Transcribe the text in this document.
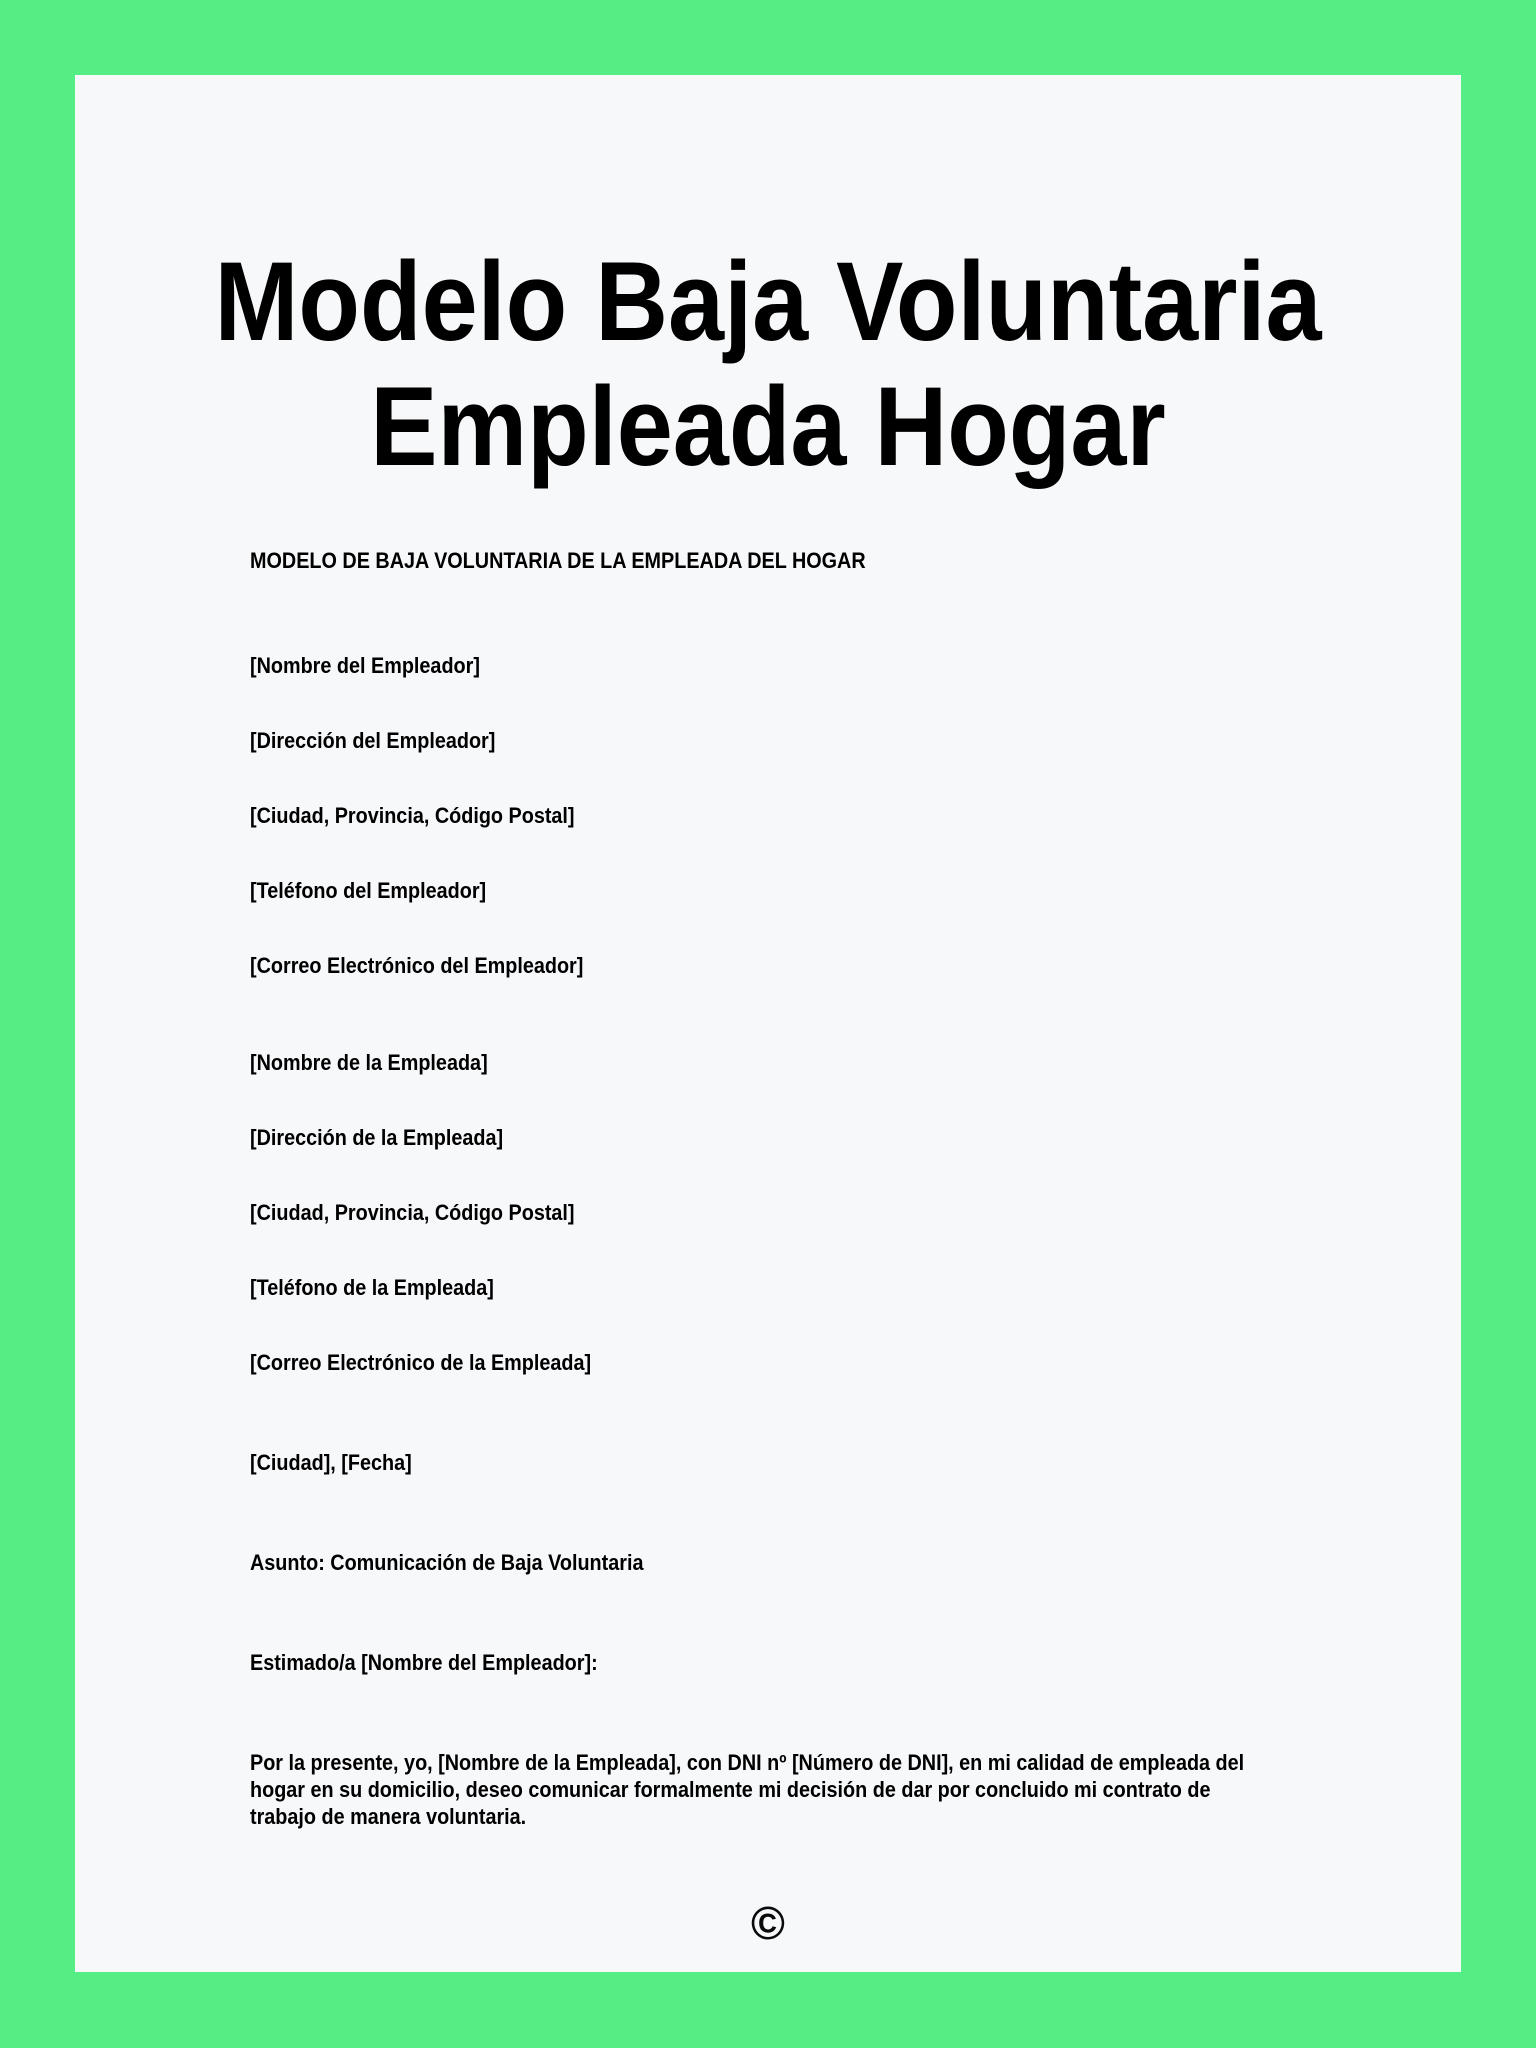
Modelo Baja Voluntaria
Empleada Hogar
MODELO DE BAJA VOLUNTARIA DE LA EMPLEADA DEL HOGAR
[Nombre del Empleador]
[Dirección del Empleador]
[Ciudad, Provincia, Código Postal]
[Teléfono del Empleador]
[Correo Electrónico del Empleador]
[Nombre de la Empleada]
[Dirección de la Empleada]
[Ciudad, Provincia, Código Postal]
[Teléfono de la Empleada]
[Correo Electrónico de la Empleada]
[Ciudad], [Fecha]
Asunto: Comunicación de Baja Voluntaria
Estimado/a [Nombre del Empleador]:
Por la presente, yo, [Nombre de la Empleada], con DNI nº [Número de DNI], en mi calidad de empleada del
hogar en su domicilio, deseo comunicar formalmente mi decisión de dar por concluido mi contrato de
trabajo de manera voluntaria.
©
